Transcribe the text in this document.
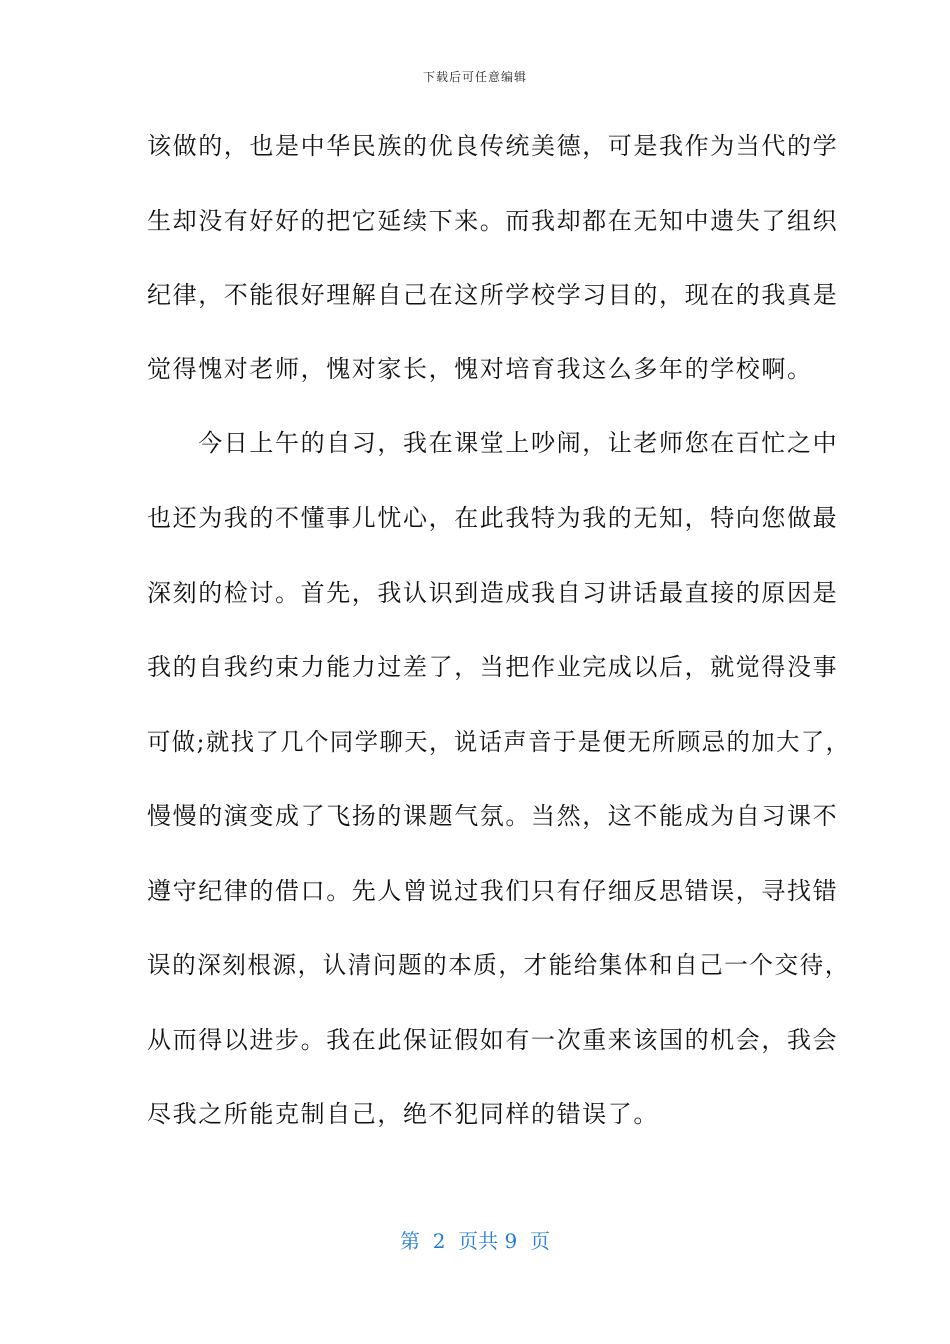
下载后可任意编辑
该做的，也是中华民族的优良传统美德，可是我作为当代的学
生却没有好好的把它延续下来。而我却都在无知中遗失了组织
纪律，不能很好理解自己在这所学校学习目的，现在的我真是
觉得愧对老师，愧对家长，愧对培育我这么多年的学校啊。
　　今日上午的自习，我在课堂上吵闹，让老师您在百忙之中
也还为我的不懂事儿忧心，在此我特为我的无知，特向您做最
深刻的检讨。首先，我认识到造成我自习讲话最直接的原因是
我的自我约束力能力过差了，当把作业完成以后，就觉得没事
可做;就找了几个同学聊天，说话声音于是便无所顾忌的加大了，
慢慢的演变成了飞扬的课题气氛。当然，这不能成为自习课不
遵守纪律的借口。先人曾说过我们只有仔细反思错误，寻找错
误的深刻根源，认清问题的本质，才能给集体和自己一个交待，
从而得以进步。我在此保证假如有一次重来该国的机会，我会
尽我之所能克制自己，绝不犯同样的错误了。
第  2  页共 9  页
